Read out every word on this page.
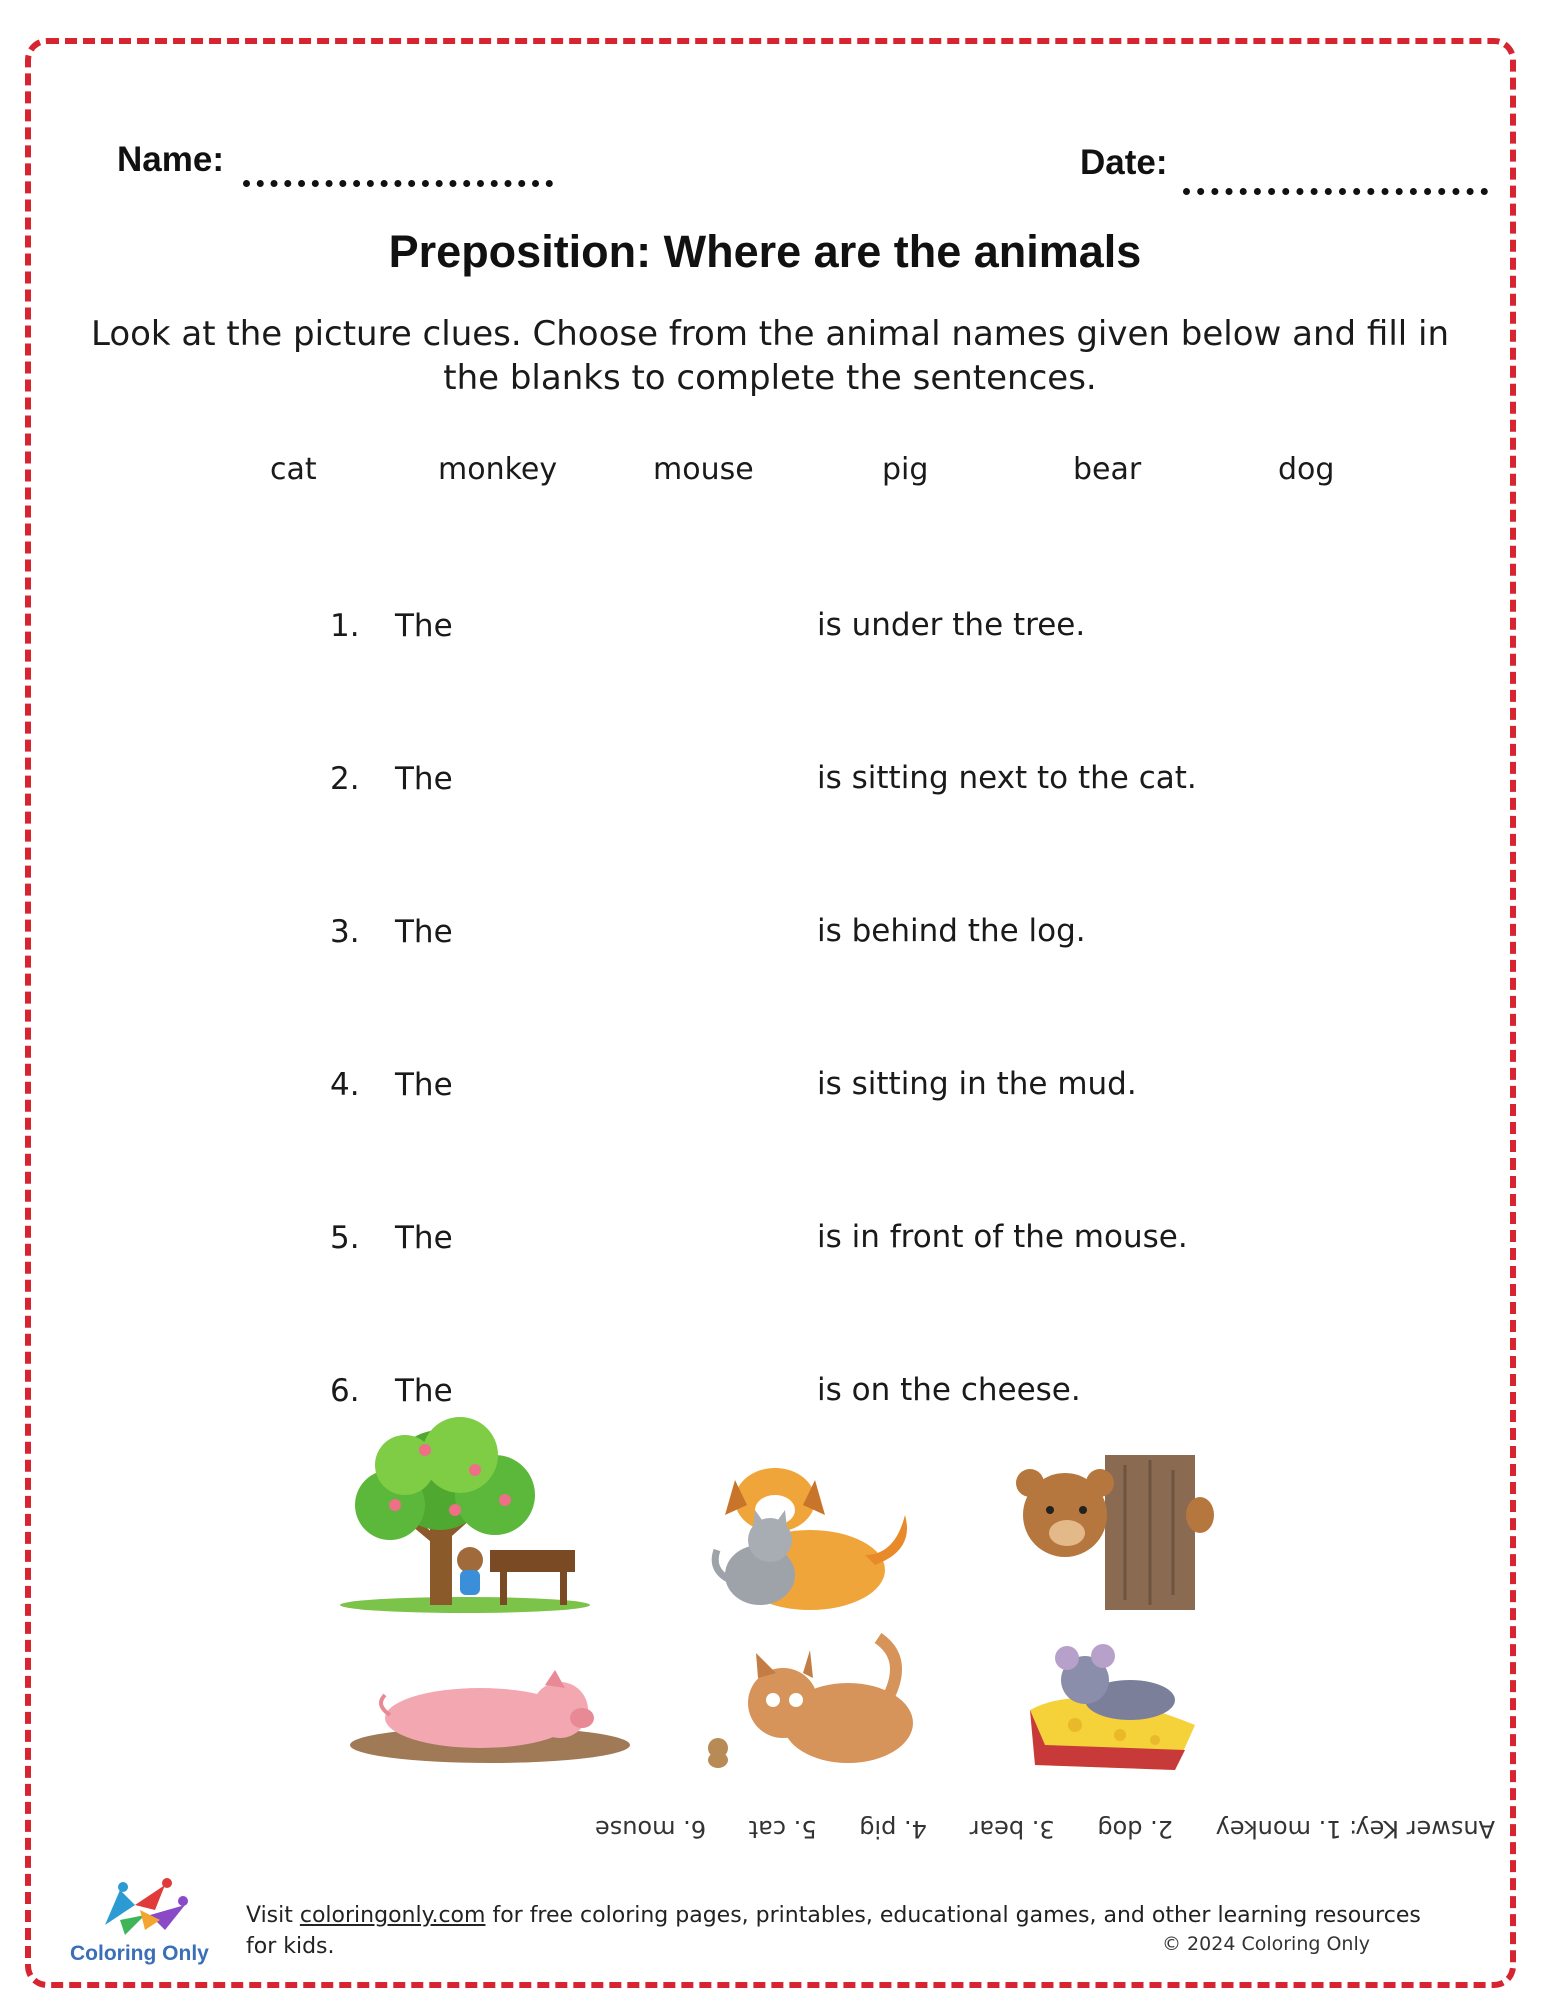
Name:	Date:
Preposition: Where are the animals
Look at the picture clues. Choose from the animal names given below and fill in the blanks to complete the sentences.
cat	monkey	mouse	pig	bear	dog
1. The	is under the tree.
2. The	is sitting next to the cat.
3. The	is behind the log.
4. The	is sitting in the mud.
5. The	is in front of the mouse.
6. The	is on the cheese.
Answer Key: 1. monkey
2. dog
3. bear
4. pig
5. cat
6. mouse
Coloring Only
Visit coloringonly.com for free coloring pages, printables, educational games, and other learning resources for kids.	© 2024 Coloring Only
